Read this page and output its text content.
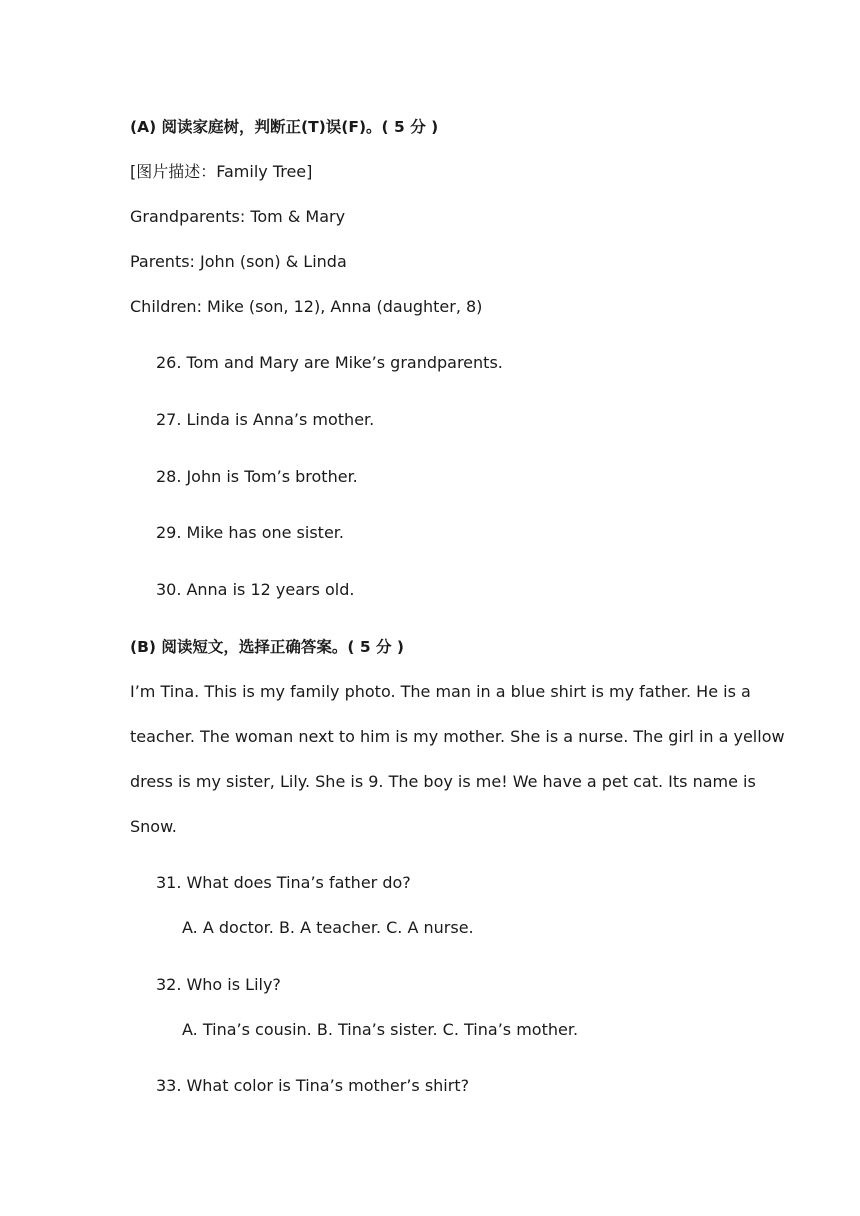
(A) 阅读家庭树，判断正(T)误(F)。( 5 分 )
[图片描述：Family Tree]
Grandparents: Tom & Mary
Parents: John (son) & Linda
Children: Mike (son, 12), Anna (daughter, 8)
26. Tom and Mary are Mike’s grandparents.
27. Linda is Anna’s mother.
28. John is Tom’s brother.
29. Mike has one sister.
30. Anna is 12 years old.
(B) 阅读短文，选择正确答案。( 5 分 )
I’m Tina. This is my family photo. The man in a blue shirt is my father. He is a
teacher. The woman next to him is my mother. She is a nurse. The girl in a yellow
dress is my sister, Lily. She is 9. The boy is me! We have a pet cat. Its name is
Snow.
31. What does Tina’s father do?
A. A doctor. B. A teacher. C. A nurse.
32. Who is Lily?
A. Tina’s cousin. B. Tina’s sister. C. Tina’s mother.
33. What color is Tina’s mother’s shirt?
